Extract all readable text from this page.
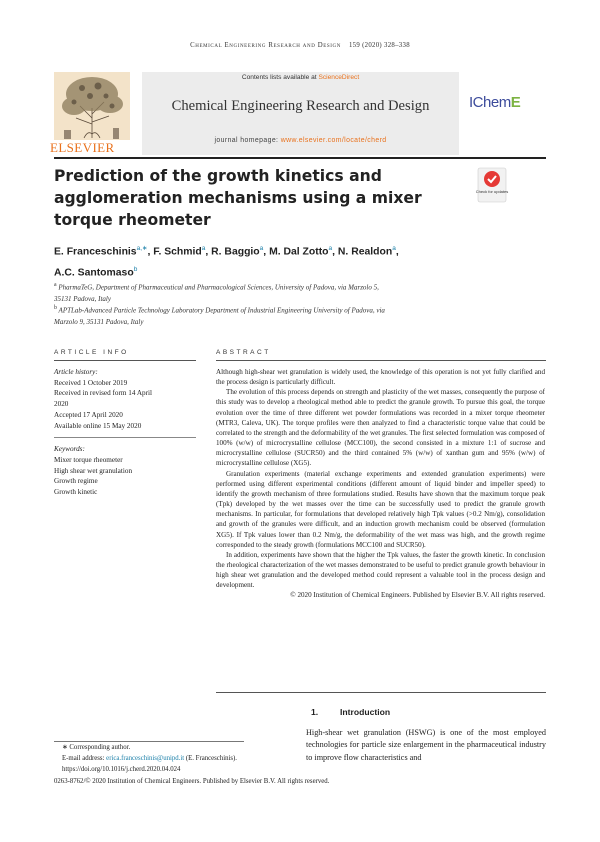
Chemical Engineering Research and Design 159 (2020) 328–338
ELSEVIER
Contents lists available at ScienceDirect
Chemical Engineering Research and Design
journal homepage: www.elsevier.com/locate/cherd
IChemE
Prediction of the growth kinetics and agglomeration mechanisms using a mixer torque rheometer
Check for updates
E. Franceschinis$^{a,∗}$, F. Schmid$^a$, R. Baggio$^a$, M. Dal Zotto$^a$, N. Realdon$^a$,
A.C. Santomaso$^b$
$^a$ PharmaTeG, Department of Pharmaceutical and Pharmacological Sciences, University of Padova, via Marzolo 5,
35131 Padova, Italy
$^b$ APTLab-Advanced Particle Technology Laboratory Department of Industrial Engineering University of Padova, via
Marzolo 9, 35131 Padova, Italy
ARTICLE INFO	ABSTRACT
Article history:
Received 1 October 2019
Received in revised form 14 April
2020
Accepted 17 April 2020
Available online 15 May 2020
Keywords:
Mixer torque rheometer
High shear wet granulation
Growth regime
Growth kinetic

Although high-shear wet granulation is widely used, the knowledge of this operation is not yet fully clarified and the process design is particularly difficult.

The evolution of this process depends on strength and plasticity of the wet masses, consequently the purpose of this study was to develop a rheological method able to predict the granule growth. To pursue this goal, the torque evolution over the time of three different wet powder formulations was recorded in a mixer torque rheometer (MTR3, Caleva, UK). The torque profiles were then analyzed to find a characteristic torque value that could be correlated to the strength and the deformability of the wet granules. The first selected formulation was composed of 100% (w/w) of microcrystalline cellulose (MCC100), the second consisted in a mixture 1:1 of sucrose and microcrystalline cellulose (SUCR50) and the third contained 5% (w/w) of xanthan gum and 95% (w/w) of microcrystalline cellulose (XG5).

Granulation experiments (material exchange experiments and extended granulation experiments) were performed using different experimental conditions (different amount of liquid binder and impeller speed) to identify the growth mechanism of three formulations studied. Results have shown that the maximum torque peak (Tpk) developed by the wet masses over the time can be successfully used to predict the granule growth mechanisms. In particular, for formulations that developed relatively high Tpk values (>0.2 Nm/g), consolidation and growth of the granules were difficult, and an induction growth mechanism could be observed (formulation XG5). If Tpk values lower than 0.2 Nm/g, the deformability of the wet mass was high, and the growth regime corresponded to the steady growth (formulations MCC100 and SUCR50).

In addition, experiments have shown that the higher the Tpk values, the faster the growth kinetic. In conclusion the rheological characterization of the wet masses demonstrated to be useful to predict granule growth behaviour in high shear wet granulation and the developed method could represent a valuable tool in the process design and development.

© 2020 Institution of Chemical Engineers. Published by Elsevier B.V. All rights reserved.

1.	Introduction
High-shear wet granulation (HSWG) is one of the most employed technologies for particle size enlargement in the pharmaceutical industry to improve flow characteristics and
∗ Corresponding author.
E-mail address: erica.franceschinis@unipd.it (E. Franceschinis).
https://doi.org/10.1016/j.cherd.2020.04.024
0263-8762/© 2020 Institution of Chemical Engineers. Published by Elsevier B.V. All rights reserved.
